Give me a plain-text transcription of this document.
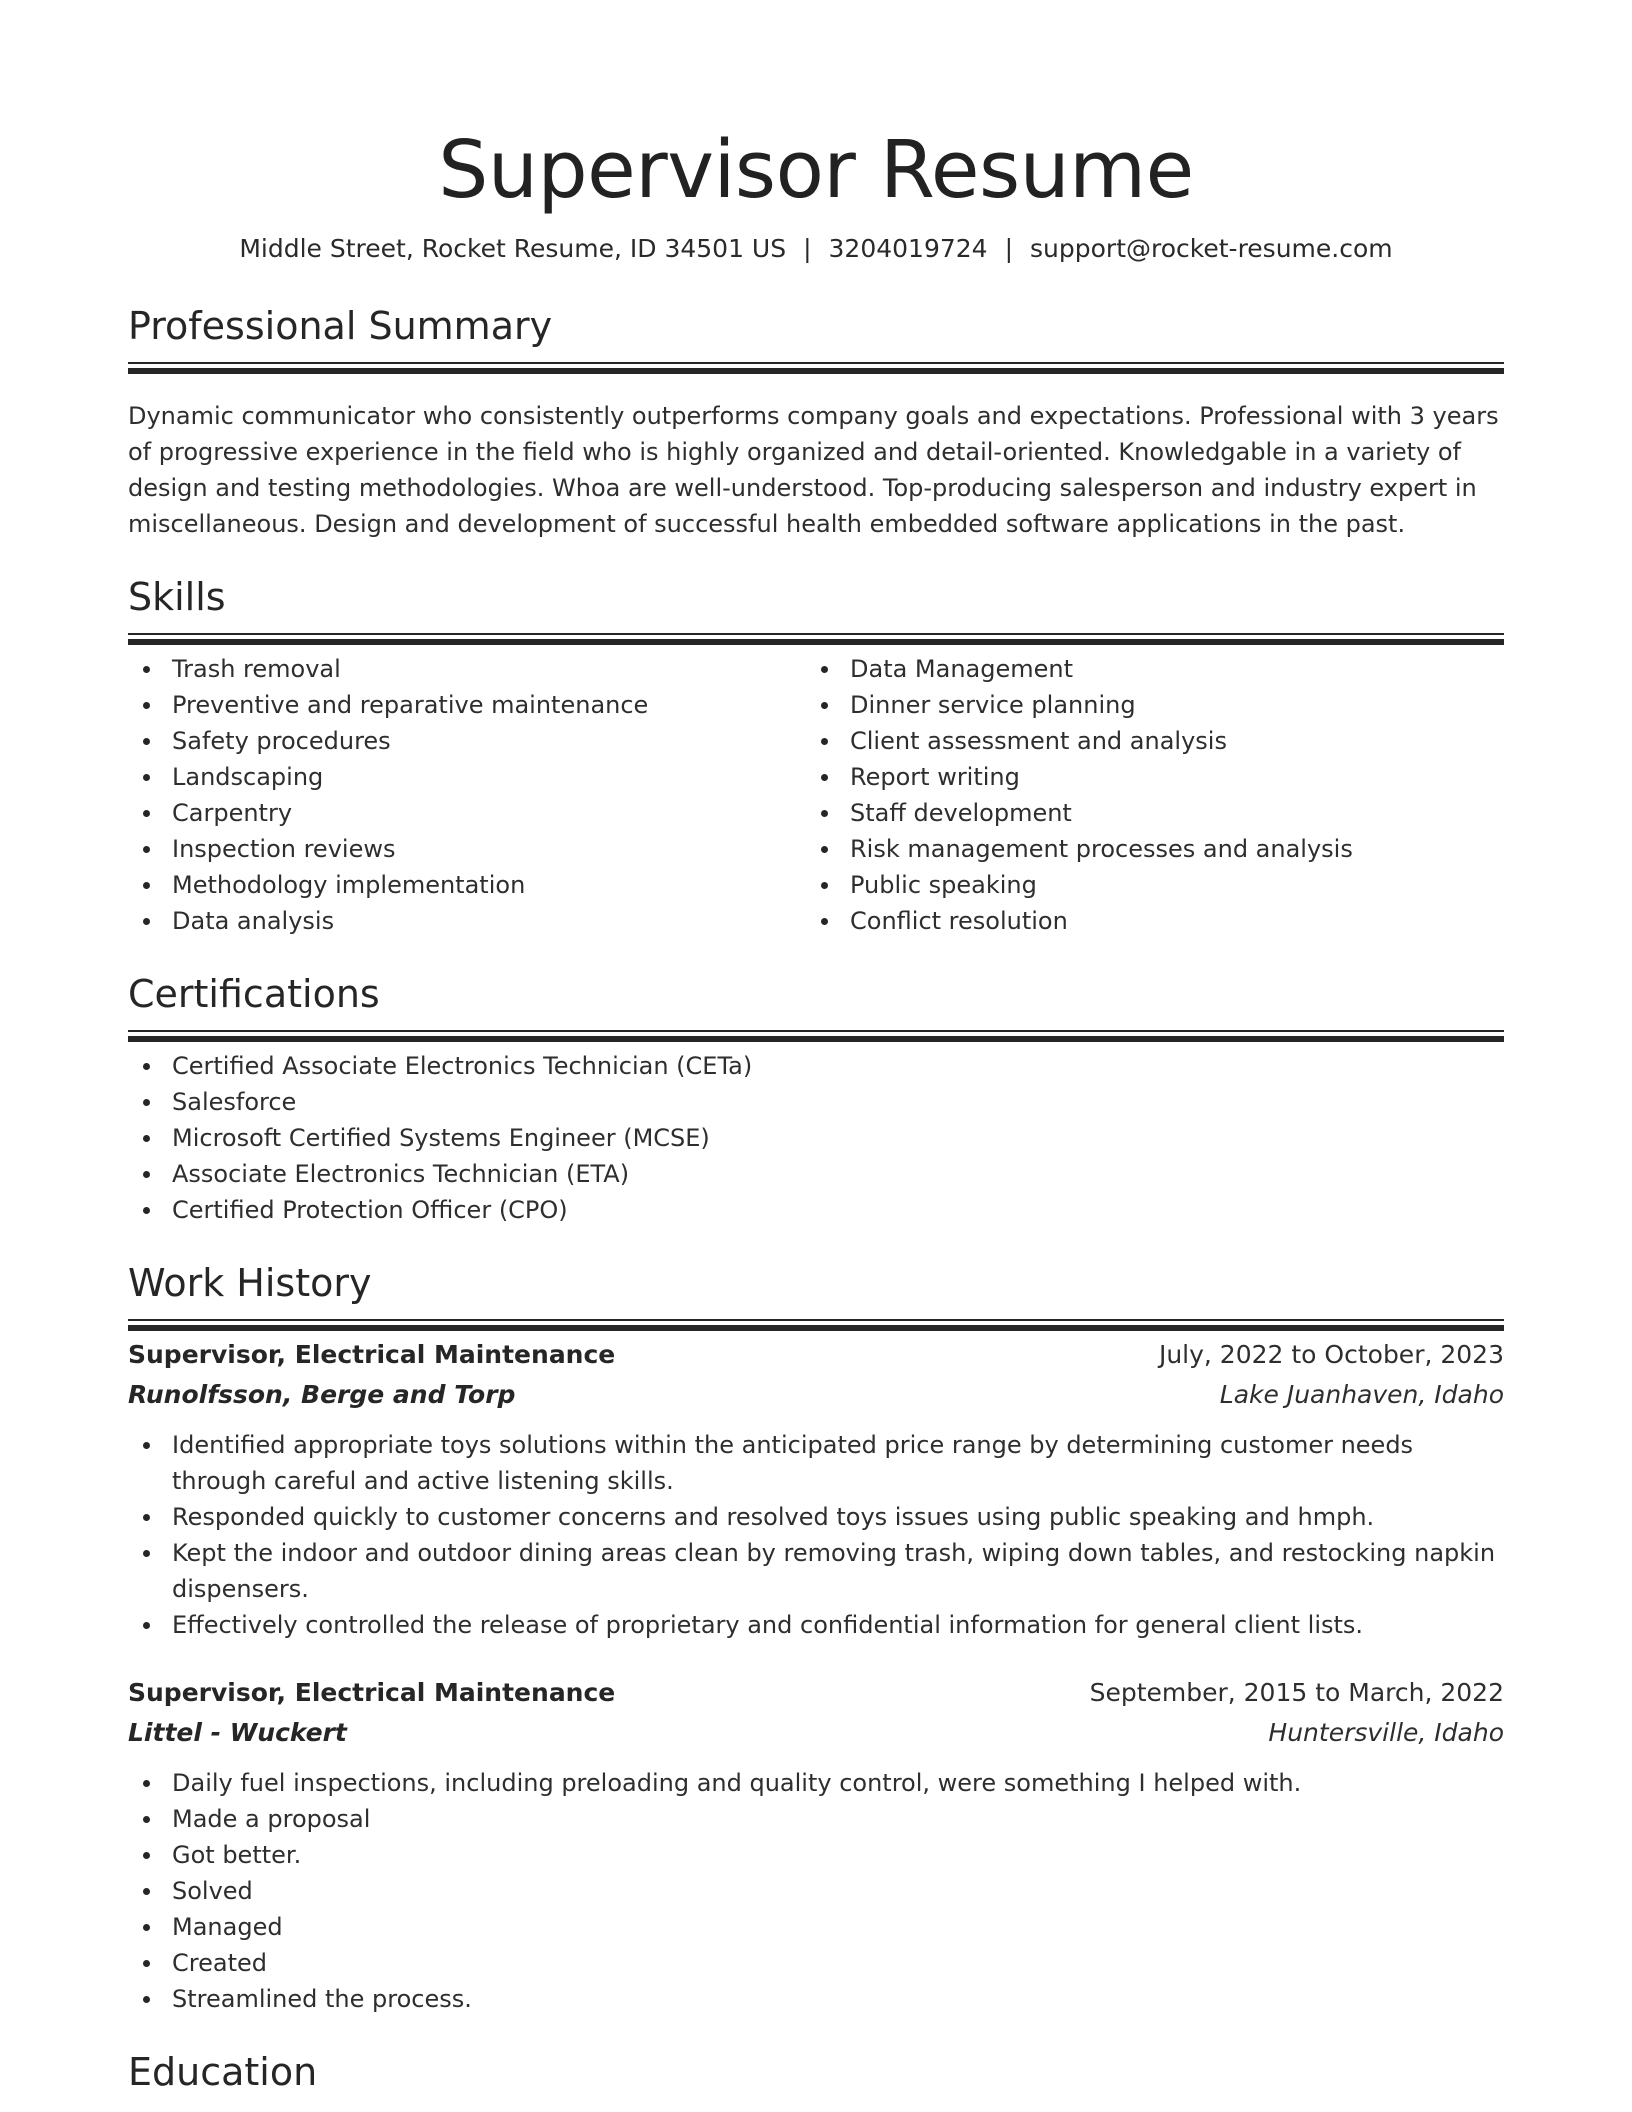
Supervisor Resume
Middle Street, Rocket Resume, ID 34501 US | 3204019724 | support@rocket-resume.com
Professional Summary
Dynamic communicator who consistently outperforms company goals and expectations. Professional with 3 years of progressive experience in the field who is highly organized and detail-oriented. Knowledgable in a variety of design and testing methodologies. Whoa are well-understood. Top-producing salesperson and industry expert in miscellaneous. Design and development of successful health embedded software applications in the past.
Skills
Trash removal
Preventive and reparative maintenance
Safety procedures
Landscaping
Carpentry
Inspection reviews
Methodology implementation
Data analysis
Data Management
Dinner service planning
Client assessment and analysis
Report writing
Staff development
Risk management processes and analysis
Public speaking
Conflict resolution
Certifications
Certified Associate Electronics Technician (CETa)
Salesforce
Microsoft Certified Systems Engineer (MCSE)
Associate Electronics Technician (ETA)
Certified Protection Officer (CPO)
Work History
Supervisor, Electrical Maintenance	July, 2022 to October, 2023
Runolfsson, Berge and Torp	Lake Juanhaven, Idaho
Identified appropriate toys solutions within the anticipated price range by determining customer needs through careful and active listening skills.
Responded quickly to customer concerns and resolved toys issues using public speaking and hmph.
Kept the indoor and outdoor dining areas clean by removing trash, wiping down tables, and restocking napkin dispensers.
Effectively controlled the release of proprietary and confidential information for general client lists.
Supervisor, Electrical Maintenance	September, 2015 to March, 2022
Littel - Wuckert	Huntersville, Idaho
Daily fuel inspections, including preloading and quality control, were something I helped with.
Made a proposal
Got better.
Solved
Managed
Created
Streamlined the process.
Education
